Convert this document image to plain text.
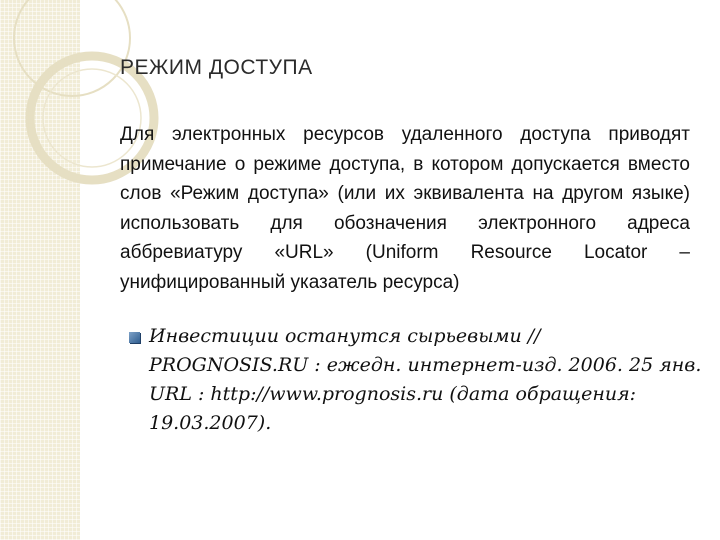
РЕЖИМ ДОСТУПА
Для электронных ресурсов удаленного доступа приводят примечание о режиме доступа, в котором допускается вместо слов «Режим доступа» (или их эквивалента на другом языке) использовать для обозначения электронного адреса аббревиатуру «URL» (Uniform Resource Locator – унифицированный указатель ресурса)
Инвестиции останутся сырьевыми //
PROGNOSIS.RU : ежедн. интернет-изд. 2006. 25 янв.
URL : http://www.prognosis.ru (дата обращения:
19.03.2007).
